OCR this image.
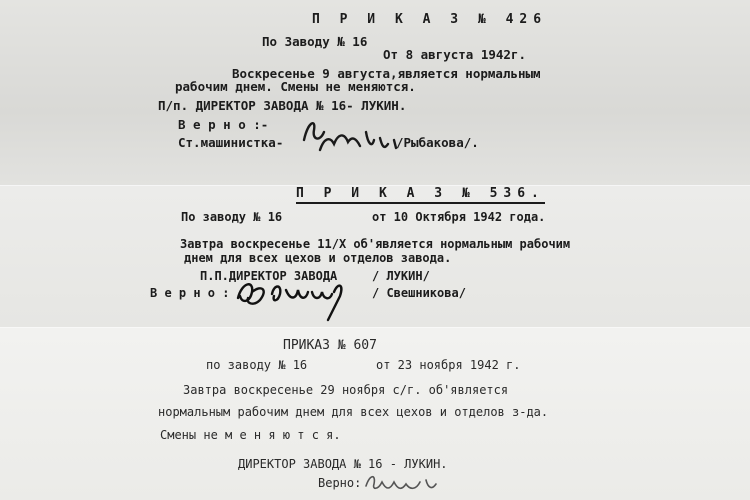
П Р И К А З № 426
По Заводу № 16
От 8 августа 1942г.
Воскресенье 9 августа,является нормальным
рабочим днем. Смены не меняются.
П/п. ДИРЕКТОР ЗАВОДА № 16- ЛУКИН.
В е р н о :-
Ст.машинистка-	/Рыбакова/.
П Р И К А З № 536.
По заводу № 16	от 10 Октября 1942 года.
Завтра воскресенье 11/Х об'является нормальным рабочим
днем для всех цехов и отделов завода.
П.П.ДИРЕКТОР ЗАВОДА	/ ЛУКИН/
В е р н о :	/ Свешникова/
ПРИКАЗ № 607
по заводу № 16	от 23 ноября 1942 г.
Завтра воскресенье 29 ноября с/г. об'является
нормальным рабочим днем для всех цехов и отделов з-да.
Смены не м е н я ю т с я.
ДИРЕКТОР ЗАВОДА № 16 - ЛУКИН.
Верно:
